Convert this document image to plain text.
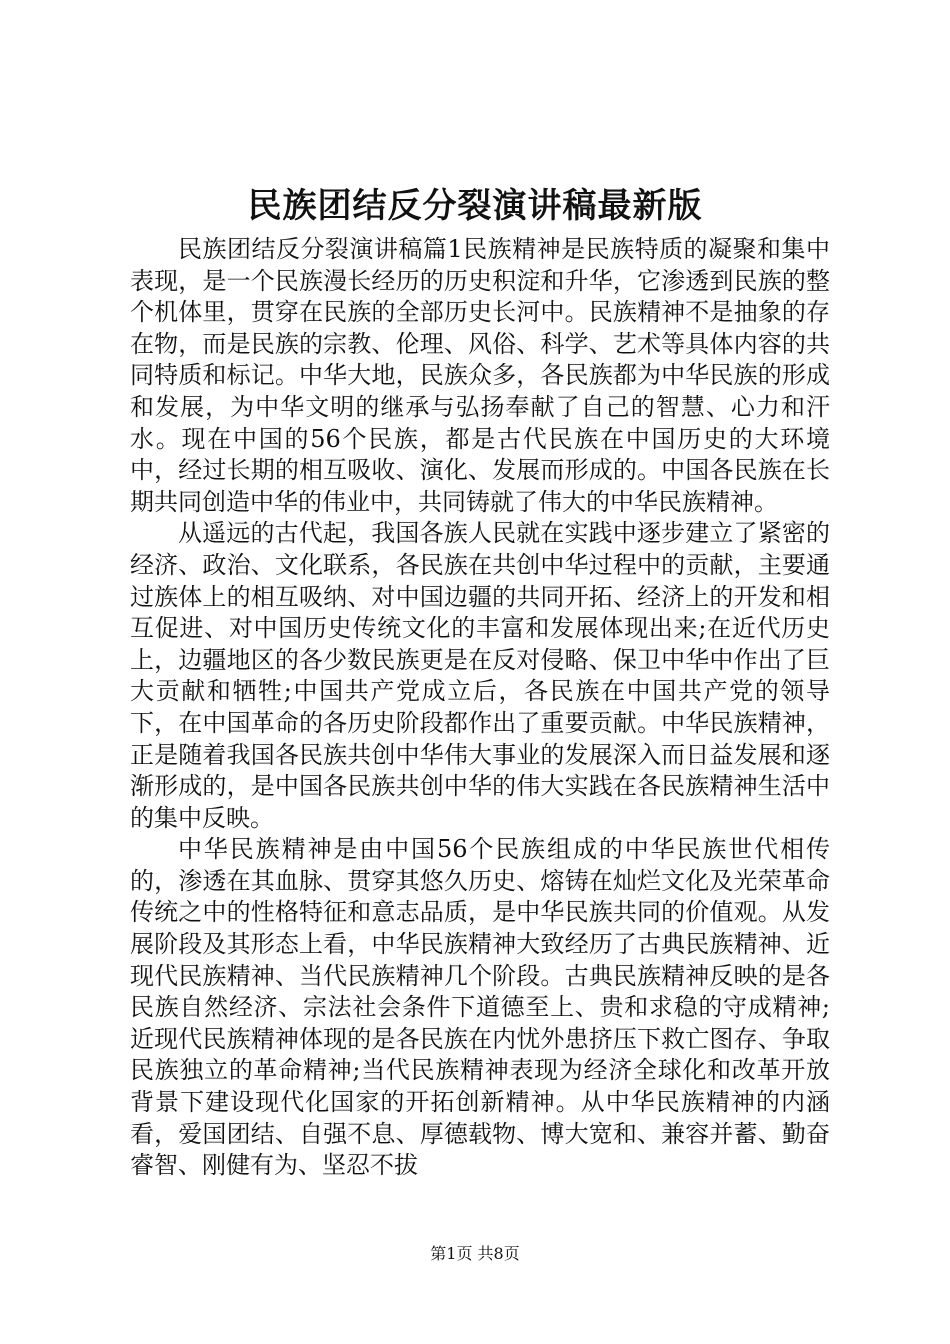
民族团结反分裂演讲稿最新版

民族团结反分裂演讲稿篇1民族精神是民族特质的凝聚和集中表现，是一个民族漫长经历的历史积淀和升华，它渗透到民族的整个机体里，贯穿在民族的全部历史长河中。民族精神不是抽象的存在物，而是民族的宗教、伦理、风俗、科学、艺术等具体内容的共同特质和标记。中华大地，民族众多，各民族都为中华民族的形成和发展，为中华文明的继承与弘扬奉献了自己的智慧、心力和汗水。现在中国的56个民族，都是古代民族在中国历史的大环境中，经过长期的相互吸收、演化、发展而形成的。中国各民族在长期共同创造中华的伟业中，共同铸就了伟大的中华民族精神。

从遥远的古代起，我国各族人民就在实践中逐步建立了紧密的经济、政治、文化联系，各民族在共创中华过程中的贡献，主要通过族体上的相互吸纳、对中国边疆的共同开拓、经济上的开发和相互促进、对中国历史传统文化的丰富和发展体现出来;在近代历史上，边疆地区的各少数民族更是在反对侵略、保卫中华中作出了巨大贡献和牺牲;中国共产党成立后，各民族在中国共产党的领导下，在中国革命的各历史阶段都作出了重要贡献。中华民族精神，正是随着我国各民族共创中华伟大事业的发展深入而日益发展和逐渐形成的，是中国各民族共创中华的伟大实践在各民族精神生活中的集中反映。

中华民族精神是由中国56个民族组成的中华民族世代相传的，渗透在其血脉、贯穿其悠久历史、熔铸在灿烂文化及光荣革命传统之中的性格特征和意志品质，是中华民族共同的价值观。从发展阶段及其形态上看，中华民族精神大致经历了古典民族精神、近现代民族精神、当代民族精神几个阶段。古典民族精神反映的是各民族自然经济、宗法社会条件下道德至上、贵和求稳的守成精神;近现代民族精神体现的是各民族在内忧外患挤压下救亡图存、争取民族独立的革命精神;当代民族精神表现为经济全球化和改革开放背景下建设现代化国家的开拓创新精神。从中华民族精神的内涵看，爱国团结、自强不息、厚德载物、博大宽和、兼容并蓄、勤奋睿智、刚健有为、坚忍不拔

第1页 共8页
